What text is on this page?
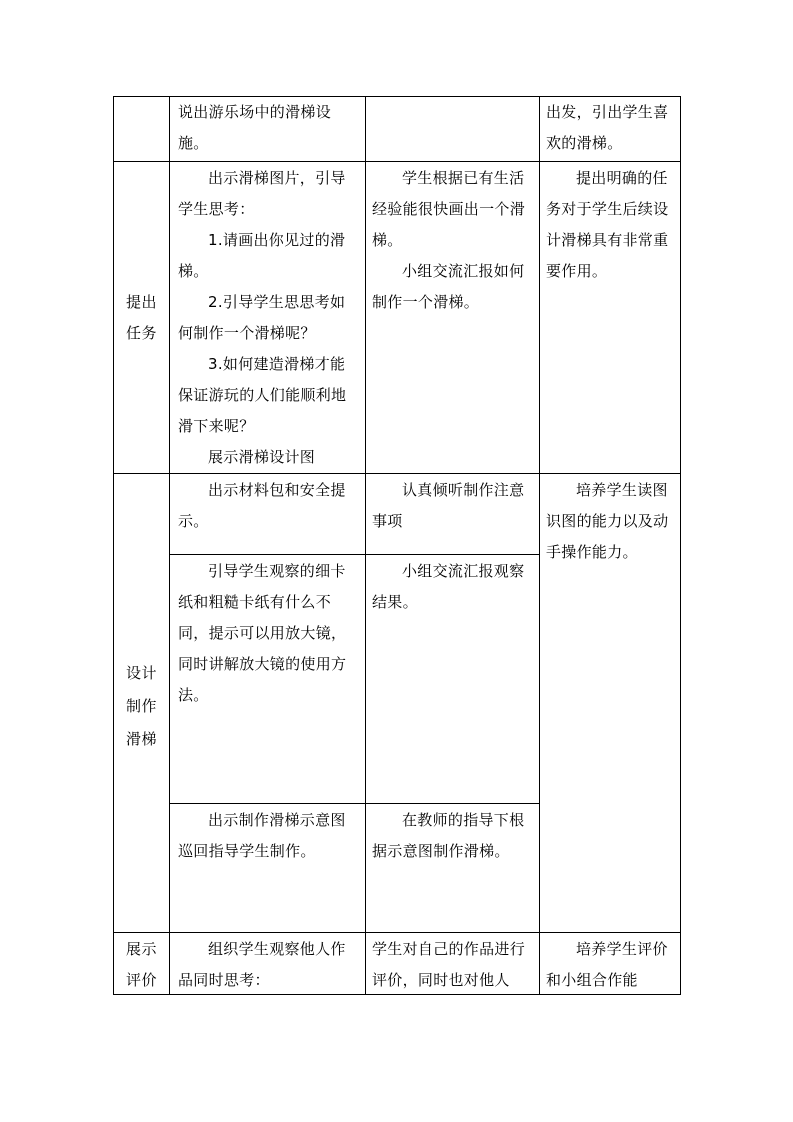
说出游乐场中的滑梯设施。

出发，引出学生喜欢的滑梯。

提出
任务

出示滑梯图片，引导学生思考：

1.请画出你见过的滑梯。

2.引导学生思思考如何制作一个滑梯呢？

3.如何建造滑梯才能保证游玩的人们能顺利地滑下来呢？

展示滑梯设计图

学生根据已有生活经验能很快画出一个滑梯。

小组交流汇报如何制作一个滑梯。

提出明确的任务对于学生后续设计滑梯具有非常重要作用。

设计
制作
滑梯

出示材料包和安全提示。

认真倾听制作注意事项

引导学生观察的细卡纸和粗糙卡纸有什么不同，提示可以用放大镜，同时讲解放大镜的使用方法。

小组交流汇报观察结果。

出示制作滑梯示意图巡回指导学生制作。

在教师的指导下根据示意图制作滑梯。

培养学生读图识图的能力以及动手操作能力。

展示
评价

组织学生观察他人作品同时思考：

学生对自己的作品进行评价，同时也对他人

培养学生评价和小组合作能
